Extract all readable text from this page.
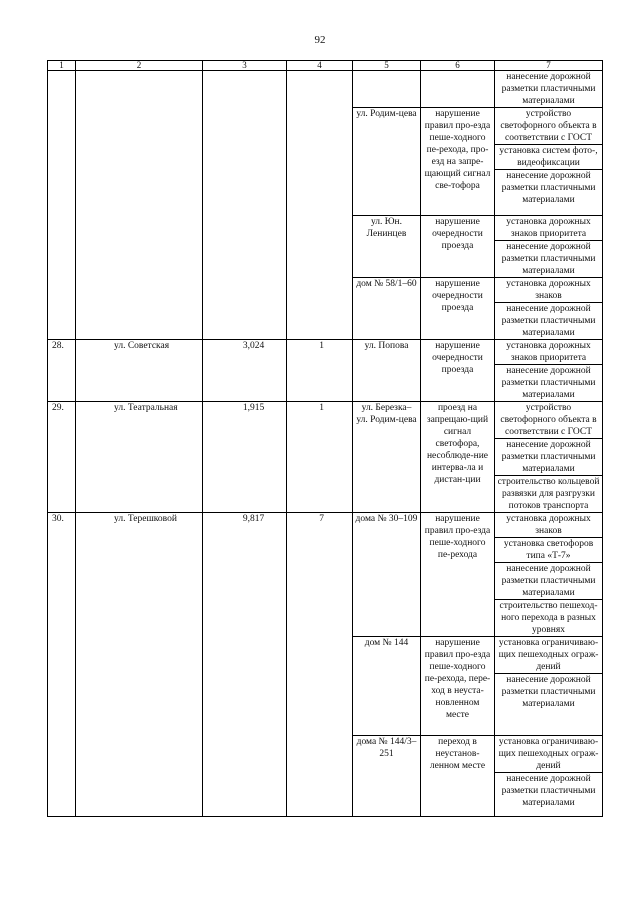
92
1	2	3	4	5	6	7
						нанесение дорожной разметки пластичными материалами
				ул. Родим-цева	нарушение правил про-езда пеше-ходного пе-рехода, про-езд на запре-щающий сигнал све-тофора	устройство светофорного объекта в соответствии с ГОСТ
						установка систем фото-, видеофиксации
						нанесение дорожной разметки пластичными материалами
				ул. Юн. Ленинцев	нарушение очередности проезда	установка дорожных знаков приоритета
						нанесение дорожной разметки пластичными материалами
				дом № 58/1–60	нарушение очередности проезда	установка дорожных знаков
						нанесение дорожной разметки пластичными материалами
28.	ул. Советская	3,024	1	ул. Попова	нарушение очередности проезда	установка дорожных знаков приоритета
						нанесение дорожной разметки пластичными материалами
29.	ул. Театральная	1,915	1	ул. Березка– ул. Родим-цева	проезд на запрещаю-щий сигнал светофора, несоблюде-ние интерва-ла и дистан-ции	устройство светофорного объекта в соответствии с ГОСТ
						нанесение дорожной разметки пластичными материалами
						строительство кольцевой развязки для разгрузки потоков транспорта
30.	ул. Терешковой	9,817	7	дома № 30–109	нарушение правил про-езда пеше-ходного пе-рехода	установка дорожных знаков
						установка светофоров типа «Т-7»
						нанесение дорожной разметки пластичными материалами
						строительство пешеход-ного перехода в разных уровнях
				дом № 144	нарушение правил про-езда пеше-ходного пе-рехода, пере-ход в неуста-новленном месте	установка ограничиваю-щих пешеходных ограж-дений
						нанесение дорожной разметки пластичными материалами
				дома № 144/3–251	переход в неустанов-ленном месте	установка ограничиваю-щих пешеходных ограж-дений
						нанесение дорожной разметки пластичными материалами
